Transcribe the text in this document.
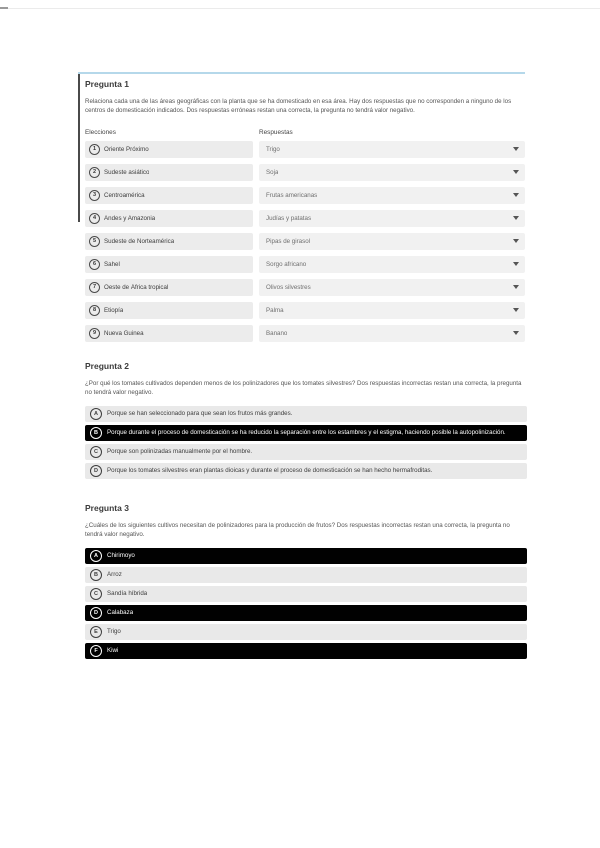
Pregunta 1
Relaciona cada una de las áreas geográficas con la planta que se ha domesticado en esa área. Hay dos respuestas que no corresponden a ninguno de los centros de domesticación indicados. Dos respuestas erróneas restan una correcta, la pregunta no tendrá valor negativo.
Elecciones	Respuestas
1	Oriente Próximo	Trigo
2	Sudeste asiático	Soja
3	Centroamérica	Frutas americanas
4	Andes y Amazonia	Judías y patatas
5	Sudeste de Norteamérica	Pipas de girasol
6	Sahel	Sorgo africano
7	Oeste de África tropical	Olivos silvestres
8	Etiopía	Palma
9	Nueva Guinea	Banano
Pregunta 2
¿Por qué los tomates cultivados dependen menos de los polinizadores que los tomates silvestres? Dos respuestas incorrectas restan una correcta, la pregunta no tendrá valor negativo.
A	Porque se han seleccionado para que sean los frutos más grandes.
B	Porque durante el proceso de domesticación se ha reducido la separación entre los estambres y el estigma, haciendo posible la autopolinización.
C	Porque son polinizadas manualmente por el hombre.
D	Porque los tomates silvestres eran plantas dioicas y durante el proceso de domesticación se han hecho hermafroditas.
Pregunta 3
¿Cuáles de los siguientes cultivos necesitan de polinizadores para la producción de frutos? Dos respuestas incorrectas restan una correcta, la pregunta no tendrá valor negativo.
A	Chirimoyo
B	Arroz
C	Sandía híbrida
D	Calabaza
E	Trigo
F	Kiwi
